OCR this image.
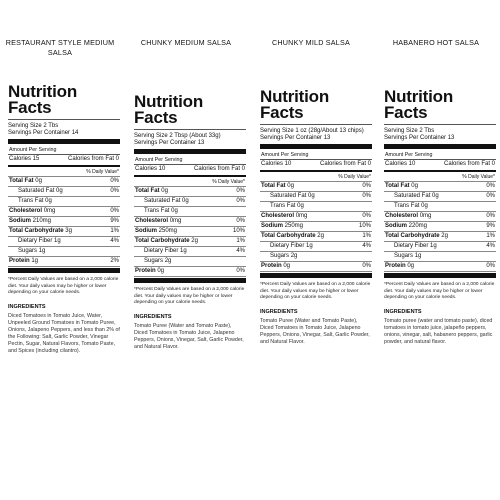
RESTAURANT STYLE MEDIUM SALSA
Nutrition Facts
Serving Size 2 Tbs
Servings Per Container 14
Amount Per Serving
Calories 15	Calories from Fat 0
% Daily Value*
Total Fat 0g	0%
Saturated Fat 0g	0%
Trans Fat 0g
Cholesterol 0mg	0%
Sodium 210mg	9%
Total Carbohydrate 3g	1%
Dietary Fiber 1g	4%
Sugars 1g
Protein 1g	2%
*Percent Daily Values are based on a 2,000 calorie diet. Your daily values may be higher or lower depending on your calorie needs.
INGREDIENTS
Diced Tomatoes in Tomato Juice, Water, Unpeeled Ground Tomatoes in Tomato Puree, Onions, Jalapeno Peppers, and less than 2% of the Following: Salt, Garlic Powder, Vinegar Pectin, Sugar, Natural Flavors, Tomato Paste, and Spices (including cilantro).
CHUNKY MEDIUM SALSA
Nutrition Facts
Serving Size 2 Tbsp (About 33g)
Servings Per Container 13
Amount Per Serving
Calories 10	Calories from Fat 0
% Daily Value*
Total Fat 0g	0%
Saturated Fat 0g	0%
Trans Fat 0g
Cholesterol 0mg	0%
Sodium 250mg	10%
Total Carbohydrate 2g	1%
Dietary Fiber 1g	4%
Sugars 2g
Protein 0g	0%
*Percent Daily Values are based on a 2,000 calorie diet. Your daily values may be higher or lower depending on your calorie needs.
INGREDIENTS
Tomato Puree (Water and Tomato Paste), Diced Tomatoes in Tomato Juice, Jalapeno Peppers, Onions, Vinegar, Salt, Garlic Powder, and Natural Flavor.
CHUNKY MILD SALSA
Nutrition Facts
Serving Size 1 oz (28g/About 13 chips)
Servings Per Container 13
Amount Per Serving
Calories 10	Calories from Fat 0
% Daily Value*
Total Fat 0g	0%
Saturated Fat 0g	0%
Trans Fat 0g
Cholesterol 0mg	0%
Sodium 250mg	10%
Total Carbohydrate 2g	1%
Dietary Fiber 1g	4%
Sugars 2g
Protein 0g	0%
*Percent Daily Values are based on a 2,000 calorie diet. Your daily values may be higher or lower depending on your calorie needs.
INGREDIENTS
Tomato Puree (Water and Tomato Paste), Diced Tomatoes in Tomato Juice, Jalapeno Peppers, Onions, Vinegar, Salt, Garlic Powder, and Natural Flavor.
HABANERO HOT SALSA
Nutrition Facts
Serving Size 2 Tbs
Servings Per Container 13
Amount Per Serving
Calories 10	Calories from Fat 0
% Daily Value*
Total Fat 0g	0%
Saturated Fat 0g	0%
Trans Fat 0g
Cholesterol 0mg	0%
Sodium 220mg	9%
Total Carbohydrate 2g	1%
Dietary Fiber 1g	4%
Sugars 1g
Protein 0g	0%
*Percent Daily Values are based on a 2,000 calorie diet. Your daily values may be higher or lower depending on your calorie needs.
INGREDIENTS
Tomato puree (water and tomato paste), diced tomatoes in tomato juice, jalapeño peppers, onions, vinegar, salt, habanero peppers, garlic powder, and natural flavor.
